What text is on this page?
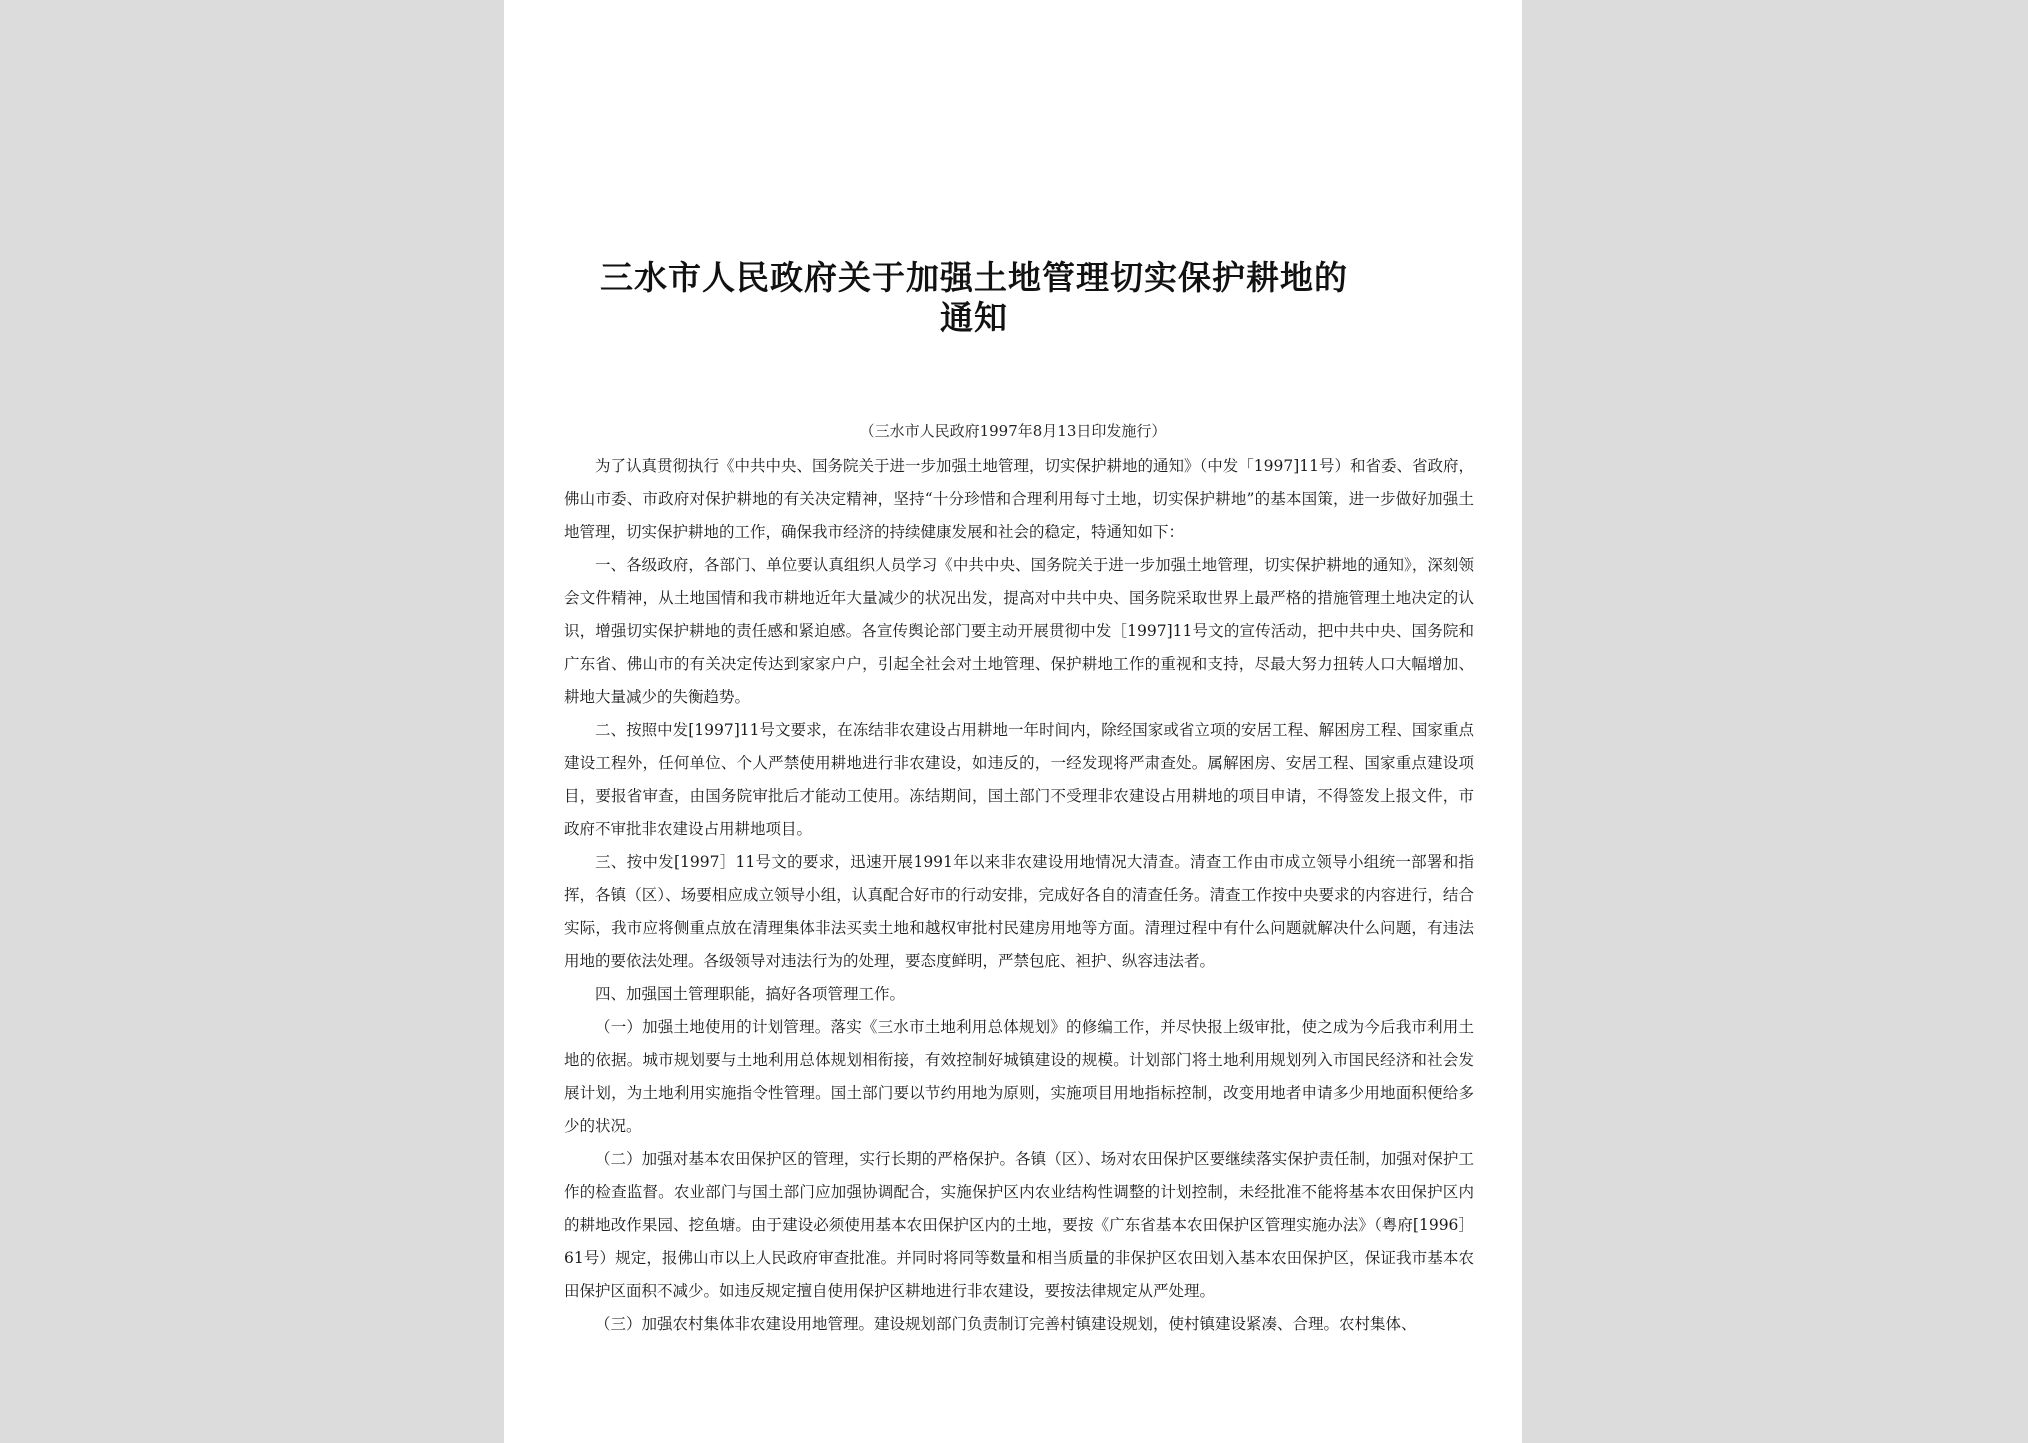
三水市人民政府关于加强土地管理切实保护耕地的通知
（三水市人民政府1997年8月13日印发施行）

为了认真贯彻执行《中共中央、国务院关于进一步加强土地管理，切实保护耕地的通知》（中发「1997]11号）和省委、省政府，佛山市委、市政府对保护耕地的有关决定精神，坚持“十分珍惜和合理利用每寸土地，切实保护耕地”的基本国策，进一步做好加强土地管理，切实保护耕地的工作，确保我市经济的持续健康发展和社会的稳定，特通知如下：

一、各级政府，各部门、单位要认真组织人员学习《中共中央、国务院关于进一步加强土地管理，切实保护耕地的通知》，深刻领会文件精神，从土地国情和我市耕地近年大量减少的状况出发，提高对中共中央、国务院采取世界上最严格的措施管理土地决定的认识，增强切实保护耕地的责任感和紧迫感。各宣传舆论部门要主动开展贯彻中发［1997]11号文的宣传活动，把中共中央、国务院和广东省、佛山市的有关决定传达到家家户户，引起全社会对土地管理、保护耕地工作的重视和支持，尽最大努力扭转人口大幅增加、耕地大量减少的失衡趋势。

二、按照中发[1997]11号文要求，在冻结非农建设占用耕地一年时间内，除经国家或省立项的安居工程、解困房工程、国家重点建设工程外，任何单位、个人严禁使用耕地进行非农建设，如违反的，一经发现将严肃查处。属解困房、安居工程、国家重点建设项目，要报省审查，由国务院审批后才能动工使用。冻结期间，国土部门不受理非农建设占用耕地的项目申请，不得签发上报文件，市政府不审批非农建设占用耕地项目。

三、按中发[1997］11号文的要求，迅速开展1991年以来非农建设用地情况大清查。清查工作由市成立领导小组统一部署和指挥，各镇（区）、场要相应成立领导小组，认真配合好市的行动安排，完成好各自的清查任务。清查工作按中央要求的内容进行，结合实际，我市应将侧重点放在清理集体非法买卖土地和越权审批村民建房用地等方面。清理过程中有什么问题就解决什么问题，有违法用地的要依法处理。各级领导对违法行为的处理，要态度鲜明，严禁包庇、袒护、纵容违法者。

四、加强国土管理职能，搞好各项管理工作。

（一）加强土地使用的计划管理。落实《三水市土地利用总体规划》的修编工作，并尽快报上级审批，使之成为今后我市利用土地的依据。城市规划要与土地利用总体规划相衔接，有效控制好城镇建设的规模。计划部门将土地利用规划列入市国民经济和社会发展计划，为土地利用实施指令性管理。国土部门要以节约用地为原则，实施项目用地指标控制，改变用地者申请多少用地面积便给多少的状况。

（二）加强对基本农田保护区的管理，实行长期的严格保护。各镇（区）、场对农田保护区要继续落实保护责任制，加强对保护工作的检查监督。农业部门与国土部门应加强协调配合，实施保护区内农业结构性调整的计划控制，未经批准不能将基本农田保护区内的耕地改作果园、挖鱼塘。由于建设必须使用基本农田保护区内的土地，要按《广东省基本农田保护区管理实施办法》（粤府[1996］61号）规定，报佛山市以上人民政府审查批准。并同时将同等数量和相当质量的非保护区农田划入基本农田保护区，保证我市基本农田保护区面积不减少。如违反规定擅自使用保护区耕地进行非农建设，要按法律规定从严处理。

（三）加强农村集体非农建设用地管理。建设规划部门负责制订完善村镇建设规划，使村镇建设紧凑、合理。农村集体、
